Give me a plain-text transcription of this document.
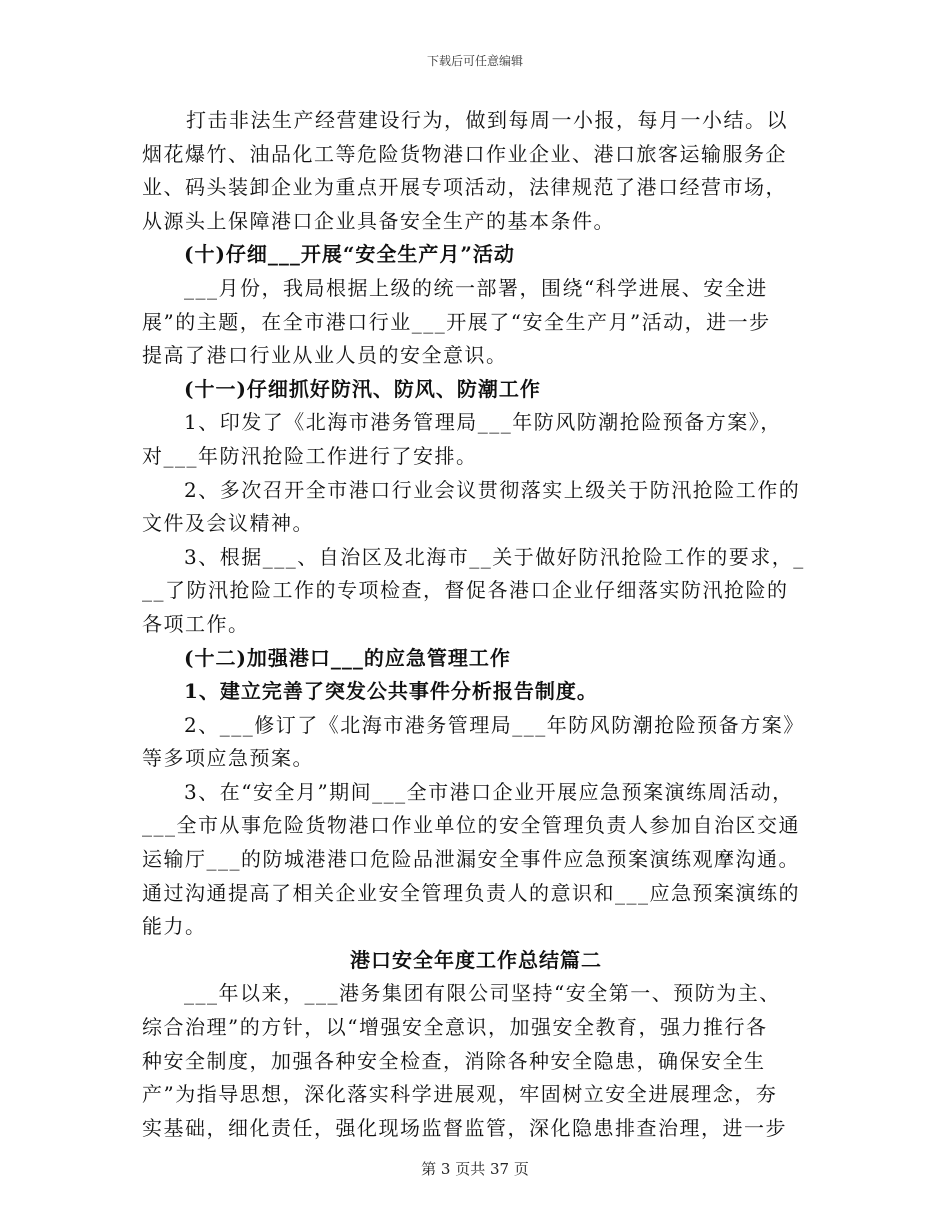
下载后可任意编辑
打击非法生产经营建设行为，做到每周一小报，每月一小结。以
烟花爆竹、油品化工等危险货物港口作业企业、港口旅客运输服务企
业、码头装卸企业为重点开展专项活动，法律规范了港口经营市场，
从源头上保障港口企业具备安全生产的基本条件。
(十)仔细___开展“安全生产月”活动
___月份，我局根据上级的统一部署，围绕“科学进展、安全进
展”的主题，在全市港口行业___开展了“安全生产月”活动，进一步
提高了港口行业从业人员的安全意识。
(十一)仔细抓好防汛、防风、防潮工作
1、印发了《北海市港务管理局___年防风防潮抢险预备方案》，
对___年防汛抢险工作进行了安排。
2、多次召开全市港口行业会议贯彻落实上级关于防汛抢险工作的
文件及会议精神。
3、根据___、自治区及北海市__关于做好防汛抢险工作的要求，_
__了防汛抢险工作的专项检查，督促各港口企业仔细落实防汛抢险的
各项工作。
(十二)加强港口___的应急管理工作
1、建立完善了突发公共事件分析报告制度。
2、___修订了《北海市港务管理局___年防风防潮抢险预备方案》
等多项应急预案。
3、在“安全月”期间___全市港口企业开展应急预案演练周活动，
___全市从事危险货物港口作业单位的安全管理负责人参加自治区交通
运输厅___的防城港港口危险品泄漏安全事件应急预案演练观摩沟通。
通过沟通提高了相关企业安全管理负责人的意识和___应急预案演练的
能力。
港口安全年度工作总结篇二
___年以来，___港务集团有限公司坚持“安全第一、预防为主、
综合治理”的方针，以“增强安全意识，加强安全教育，强力推行各
种安全制度，加强各种安全检查，消除各种安全隐患，确保安全生
产”为指导思想，深化落实科学进展观，牢固树立安全进展理念，夯
实基础，细化责任，强化现场监督监管，深化隐患排查治理，进一步
第 3 页共 37 页
